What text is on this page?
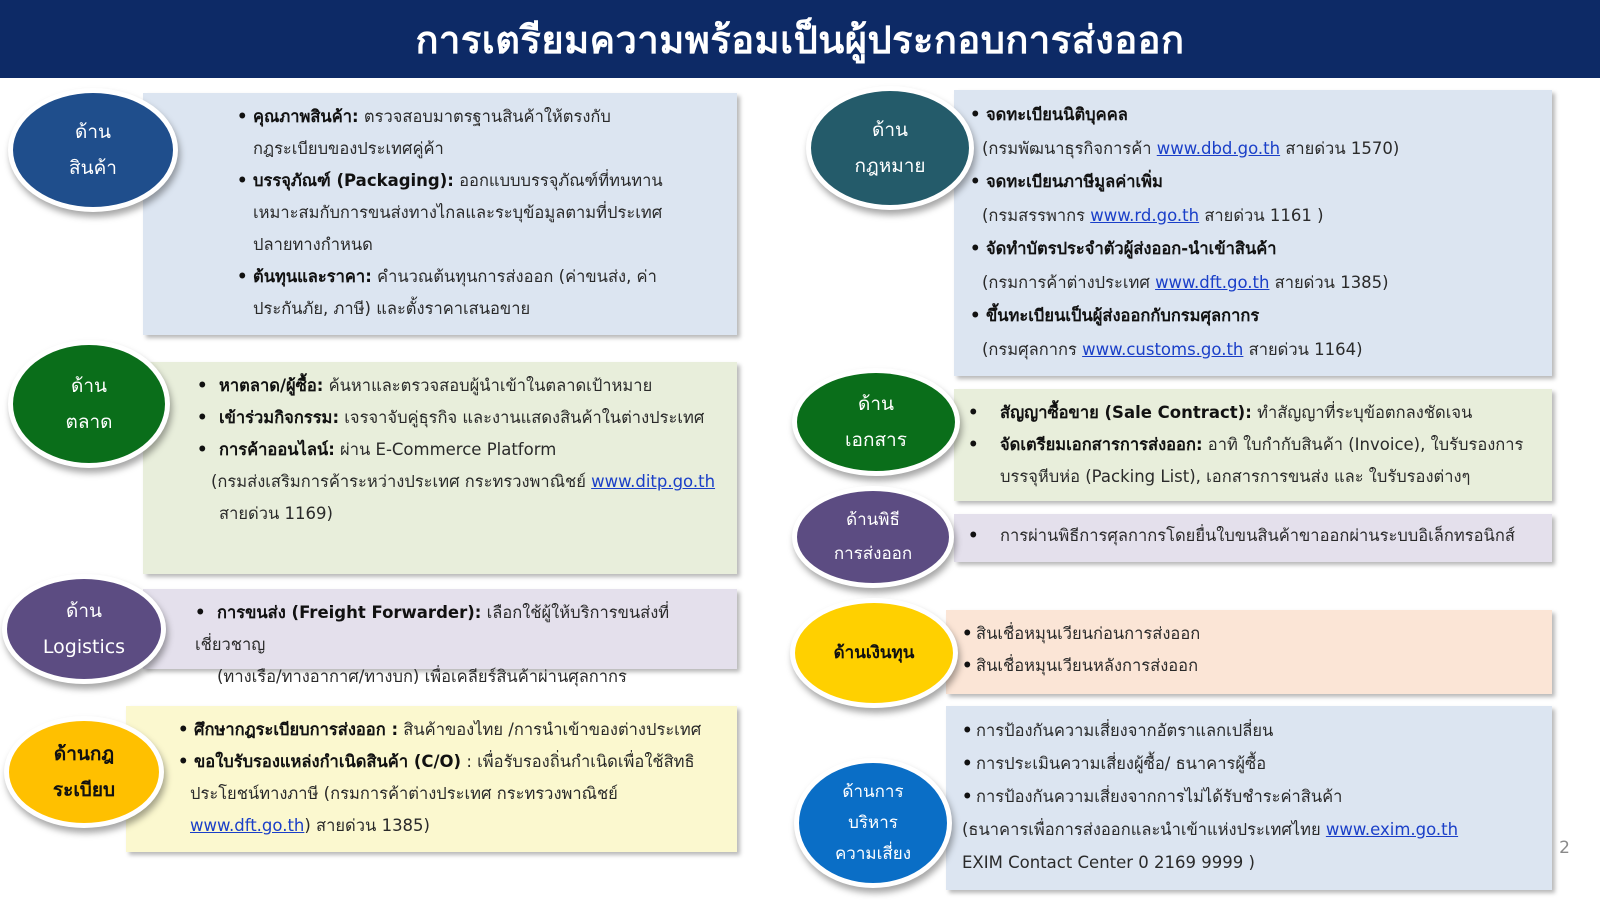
การเตรียมความพร้อมเป็นผู้ประกอบการส่งออก
• คุณภาพสินค้า: ตรวจสอบมาตรฐานสินค้าให้ตรงกับ
กฎระเบียบของประเทศคู่ค้า
• บรรจุภัณฑ์ (Packaging): ออกแบบบรรจุภัณฑ์ที่ทนทาน
เหมาะสมกับการขนส่งทางไกลและระบุข้อมูลตามที่ประเทศ
ปลายทางกำหนด
• ต้นทุนและราคา: คำนวณต้นทุนการส่งออก (ค่าขนส่ง, ค่า
ประกันภัย, ภาษี) และตั้งราคาเสนอขาย
ด้าน
สินค้า
• หาตลาด/ผู้ซื้อ: ค้นหาและตรวจสอบผู้นำเข้าในตลาดเป้าหมาย
• เข้าร่วมกิจกรรม: เจรจาจับคู่ธุรกิจ และงานแสดงสินค้าในต่างประเทศ
• การค้าออนไลน์: ผ่าน E-Commerce Platform
(กรมส่งเสริมการค้าระหว่างประเทศ กระทรวงพาณิชย์ www.ditp.go.th
สายด่วน 1169)
ด้าน
ตลาด
• การขนส่ง (Freight Forwarder): เลือกใช้ผู้ให้บริการขนส่งที่เชี่ยวชาญ
(ทางเรือ/ทางอากาศ/ทางบก) เพื่อเคลียร์สินค้าผ่านศุลกากร
ด้าน
Logistics
• ศึกษากฎระเบียบการส่งออก : สินค้าของไทย /การนำเข้าของต่างประเทศ
• ขอใบรับรองแหล่งกำเนิดสินค้า (C/O) : เพื่อรับรองถิ่นกำเนิดเพื่อใช้สิทธิ
ประโยชน์ทางภาษี (กรมการค้าต่างประเทศ กระทรวงพาณิชย์
www.dft.go.th) สายด่วน 1385)
ด้านกฎ
ระเบียบ
• จดทะเบียนนิติบุคคล
(กรมพัฒนาธุรกิจการค้า www.dbd.go.th สายด่วน 1570)
• จดทะเบียนภาษีมูลค่าเพิ่ม
(กรมสรรพากร www.rd.go.th สายด่วน 1161 )
• จัดทำบัตรประจำตัวผู้ส่งออก-นำเข้าสินค้า
(กรมการค้าต่างประเทศ www.dft.go.th สายด่วน 1385)
• ขึ้นทะเบียนเป็นผู้ส่งออกกับกรมศุลกากร
(กรมศุลกากร www.customs.go.th สายด่วน 1164)
ด้าน
กฎหมาย
• สัญญาซื้อขาย (Sale Contract): ทำสัญญาที่ระบุข้อตกลงชัดเจน
• จัดเตรียมเอกสารการส่งออก: อาทิ ใบกำกับสินค้า (Invoice), ใบรับรองการ
บรรจุหีบห่อ (Packing List), เอกสารการขนส่ง และ ใบรับรองต่างๆ
ด้าน
เอกสาร
• การผ่านพิธีการศุลกากรโดยยื่นใบขนสินค้าขาออกผ่านระบบอิเล็กทรอนิกส์
ด้านพิธี
การส่งออก
• สินเชื่อหมุนเวียนก่อนการส่งออก
• สินเชื่อหมุนเวียนหลังการส่งออก
ด้านเงินทุน
• การป้องกันความเสี่ยงจากอัตราแลกเปลี่ยน
• การประเมินความเสี่ยงผู้ซื้อ/ ธนาคารผู้ซื้อ
• การป้องกันความเสี่ยงจากการไม่ได้รับชำระค่าสินค้า
(ธนาคารเพื่อการส่งออกและนำเข้าแห่งประเทศไทย www.exim.go.th
EXIM Contact Center 0 2169 9999 )
ด้านการ
บริหาร
ความเสี่ยง	2
